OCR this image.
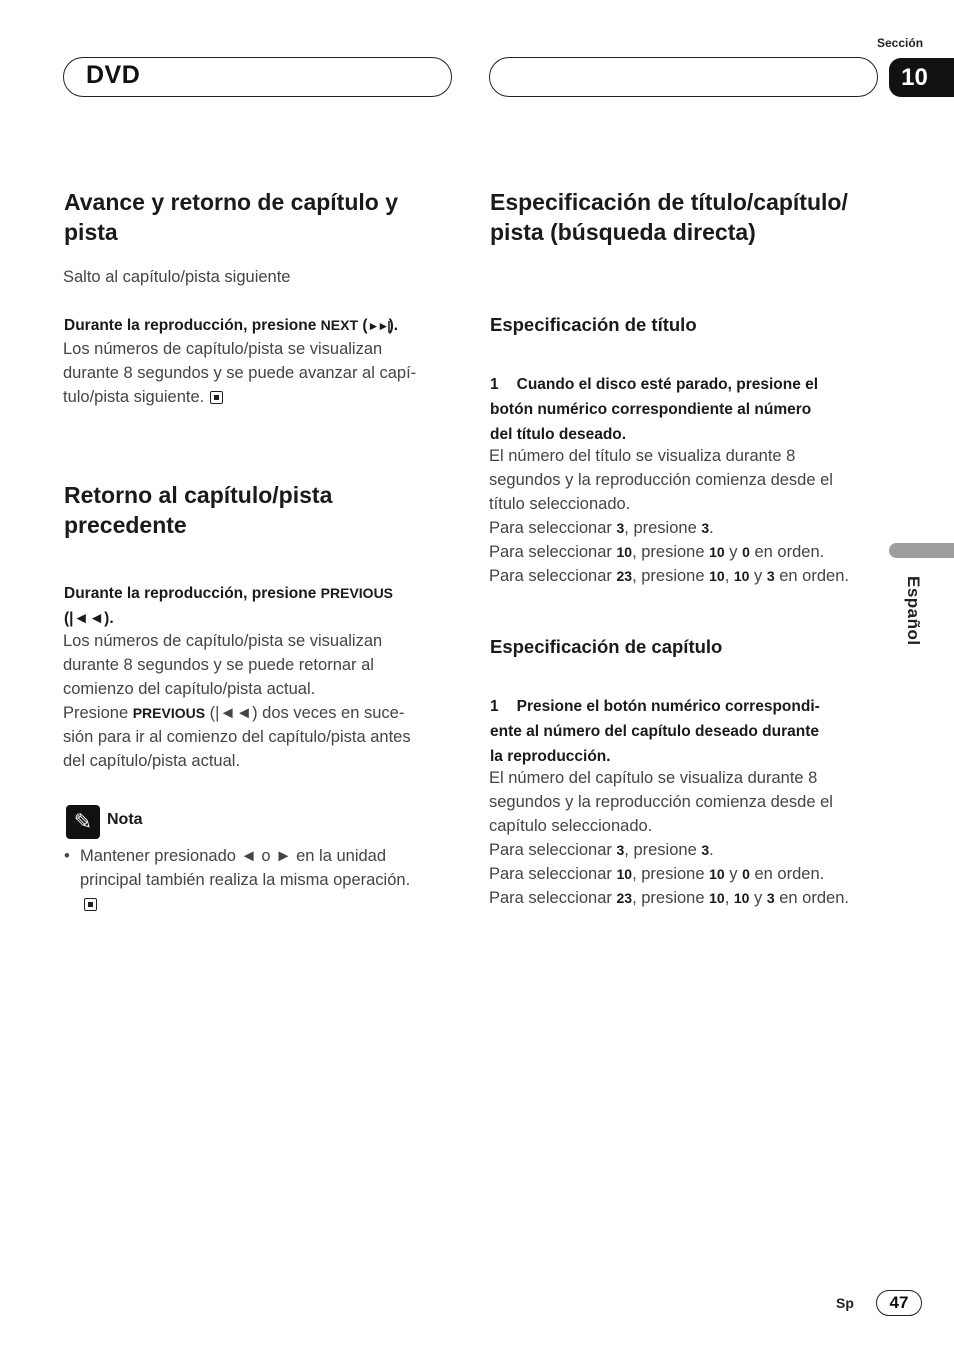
DVD
Sección
10
Español
Avance y retorno de capítulo y
pista
Salto al capítulo/pista siguiente
Durante la reproducción, presione NEXT (►►|).
Los números de capítulo/pista se visualizan
durante 8 segundos y se puede avanzar al capí-
tulo/pista siguiente.
Retorno al capítulo/pista
precedente
Durante la reproducción, presione PREVIOUS
(|◄◄).
Los números de capítulo/pista se visualizan
durante 8 segundos y se puede retornar al
comienzo del capítulo/pista actual.
Presione PREVIOUS (|◄◄) dos veces en suce-
sión para ir al comienzo del capítulo/pista antes
del capítulo/pista actual.
✎ Nota
• Mantener presionado ◄ o ► en la unidad
principal también realiza la misma operación.

Especificación de título/capítulo/
pista (búsqueda directa)
Especificación de título
1 Cuando el disco esté parado, presione el
botón numérico correspondiente al número
del título deseado.
El número del título se visualiza durante 8
segundos y la reproducción comienza desde el
título seleccionado.
Para seleccionar 3, presione 3.
Para seleccionar 10, presione 10 y 0 en orden.
Para seleccionar 23, presione 10, 10 y 3 en orden.
Especificación de capítulo
1 Presione el botón numérico correspondi-
ente al número del capítulo deseado durante
la reproducción.
El número del capítulo se visualiza durante 8
segundos y la reproducción comienza desde el
capítulo seleccionado.
Para seleccionar 3, presione 3.
Para seleccionar 10, presione 10 y 0 en orden.
Para seleccionar 23, presione 10, 10 y 3 en orden.
Sp	47
